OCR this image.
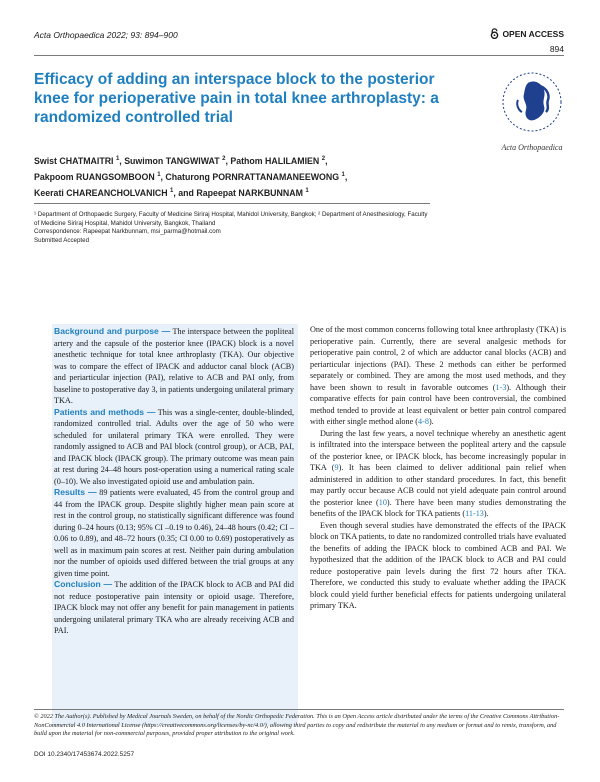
Acta Orthopaedica 2022; 93: 894–900	OPEN ACCESS
894
Efficacy of adding an interspace block to the posterior knee for perioperative pain in total knee arthroplasty: a randomized controlled trial
Swist CHATMAITRI $^1$, Suwimon TANGWIWAT $^2$, Pathom HALILAMIEN $^2$,
Pakpoom RUANGSOMBOON $^1$, Chaturong PORNRATTANAMANEEWONG $^1$,
Keerati CHAREANCHOLVANICH $^1$, and Rapeepat NARKBUNNAM $^1$
Acta Orthopaedica

¹ Department of Orthopaedic Surgery, Faculty of Medicine Siriraj Hospital, Mahidol University, Bangkok; ² Department of Anesthesiology, Faculty of Medicine Siriraj Hospital, Mahidol University, Bangkok, Thailand

Correspondence: Rapeepat Narkbunnam, msi_parma@hotmail.com

Submitted Accepted

Background and purpose — The interspace between the popliteal artery and the capsule of the posterior knee (IPACK) block is a novel anesthetic technique for total knee arthroplasty (TKA). Our objective was to compare the effect of IPACK and adductor canal block (ACB) and periarticular injection (PAI), relative to ACB and PAI only, from baseline to postoperative day 3, in patients undergoing unilateral primary TKA.

Patients and methods — This was a single-center, double-blinded, randomized controlled trial. Adults over the age of 50 who were scheduled for unilateral primary TKA were enrolled. They were randomly assigned to ACB and PAI block (control group), or ACB, PAI, and IPACK block (IPACK group). The primary outcome was mean pain at rest during 24–48 hours post-operation using a numerical rating scale (0–10). We also investigated opioid use and ambulation pain.

Results — 89 patients were evaluated, 45 from the control group and 44 from the IPACK group. Despite slightly higher mean pain score at rest in the control group, no statistically significant difference was found during 0–24 hours (0.13; 95% CI –0.19 to 0.46), 24–48 hours (0.42; CI –0.06 to 0.89), and 48–72 hours (0.35; CI 0.00 to 0.69) postoperatively as well as in maximum pain scores at rest. Neither pain during ambulation nor the number of opioids used differed between the trial groups at any given time point.

Conclusion — The addition of the IPACK block to ACB and PAI did not reduce postoperative pain intensity or opioid usage. Therefore, IPACK block may not offer any benefit for pain management in patients undergoing unilateral primary TKA who are already receiving ACB and PAI.

One of the most common concerns following total knee arthroplasty (TKA) is perioperative pain. Currently, there are several analgesic methods for perioperative pain control, 2 of which are adductor canal blocks (ACB) and periarticular injections (PAI). These 2 methods can either be performed separately or combined. They are among the most used methods, and they have been shown to result in favorable outcomes (1-3). Although their comparative effects for pain control have been controversial, the combined method tended to provide at least equivalent or better pain control compared with either single method alone (4-8).

During the last few years, a novel technique whereby an anesthetic agent is infiltrated into the interspace between the popliteal artery and the capsule of the posterior knee, or IPACK block, has become increasingly popular in TKA (9). It has been claimed to deliver additional pain relief when administered in addition to other standard procedures. In fact, this benefit may partly occur because ACB could not yield adequate pain control around the posterior knee (10). There have been many studies demonstrating the benefits of the IPACK block for TKA patients (11-13).

Even though several studies have demonstrated the effects of the IPACK block on TKA patients, to date no randomized controlled trials have evaluated the benefits of adding the IPACK block to combined ACB and PAI. We hypothesized that the addition of the IPACK block to ACB and PAI could reduce postoperative pain levels during the first 72 hours after TKA. Therefore, we conducted this study to evaluate whether adding the IPACK block could yield further beneficial effects for patients undergoing unilateral primary TKA.

© 2022 The Author(s). Published by Medical Journals Sweden, on behalf of the Nordic Orthopedic Federation. This is an Open Access article distributed under the terms of the Creative Commons Attribution-NonCommercial 4.0 International License (https://creativecommons.org/licenses/by-nc/4.0/), allowing third parties to copy and redistribute the material in any medium or format and to remix, transform, and build upon the material for non-commercial purposes, provided proper attribution to the original work.
DOI 10.2340/17453674.2022.5257
